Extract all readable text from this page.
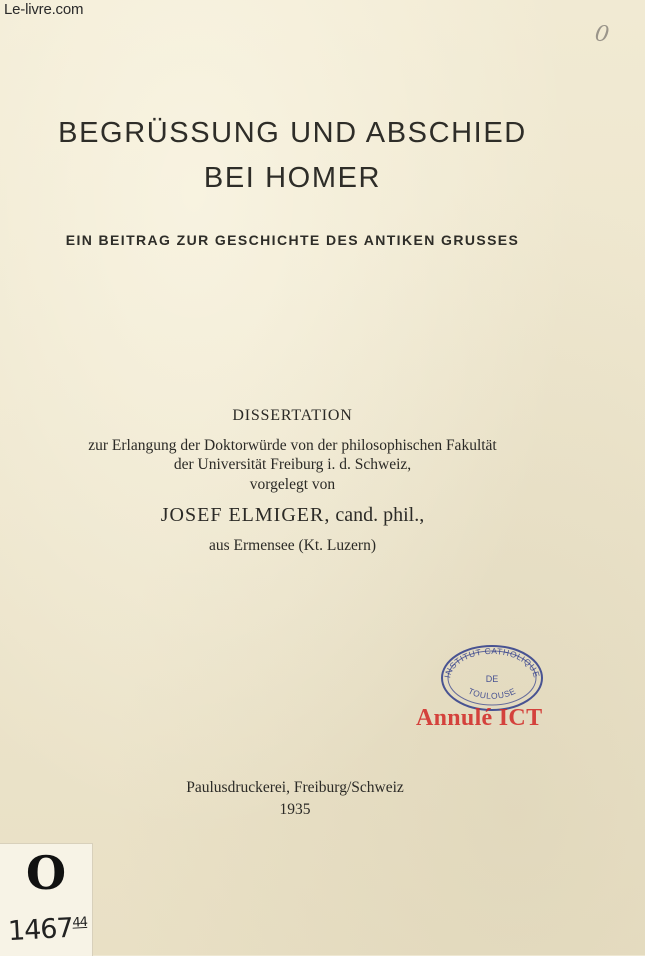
Le-livre.com
0
BEGRÜSSUNG UND ABSCHIED
BEI HOMER
EIN BEITRAG ZUR GESCHICHTE DES ANTIKEN GRUSSES
DISSERTATION
zur Erlangung der Doktorwürde von der philosophischen Fakultät
der Universität Freiburg i. d. Schweiz,
vorgelegt von
JOSEF ELMIGER, cand. phil.,
aus Ermensee (Kt. Luzern)
INSTITUT CATHOLIQUE
DE
TOULOUSE
Annulé ICT
Paulusdruckerei, Freiburg/Schweiz
1935
O
1467$^{44}$
